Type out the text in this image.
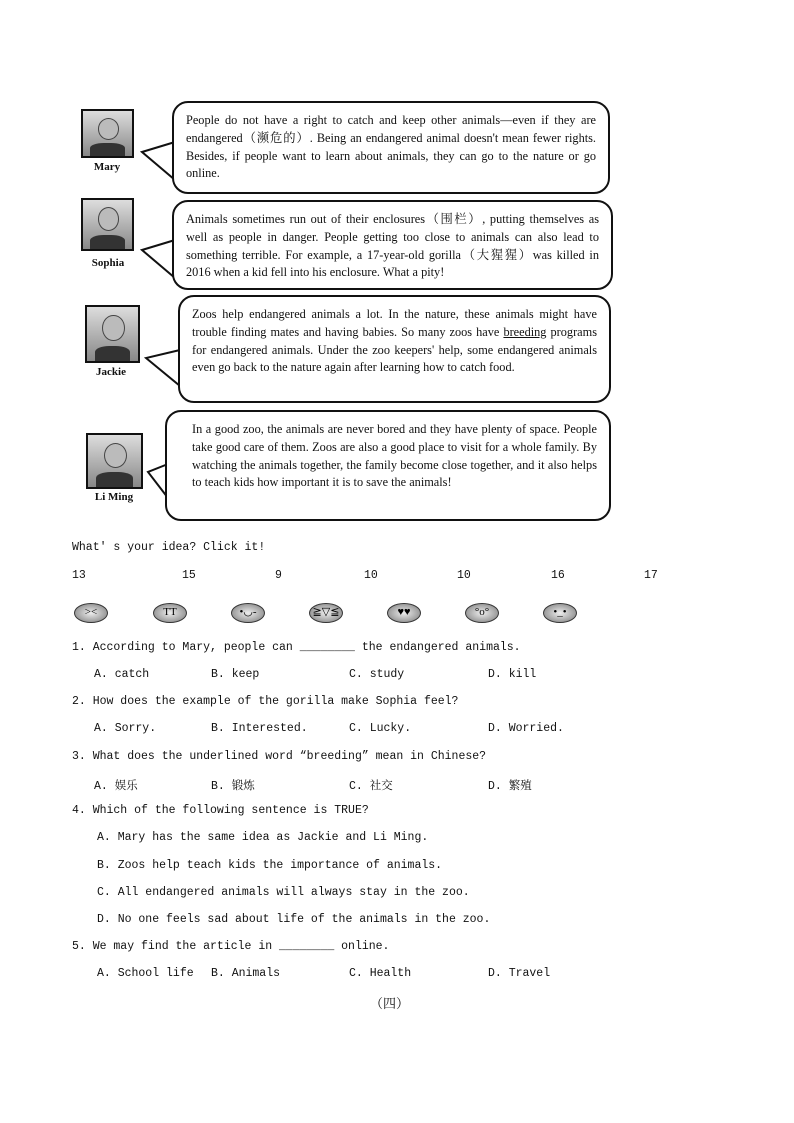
Mary
People do not have a right to catch and keep other animals—even if they are endangered（濒危的）. Being an endangered animal doesn't mean fewer rights. Besides, if people want to learn about animals, they can go to the nature or go online.
Sophia
Animals sometimes run out of their enclosures（围栏）, putting themselves as well as people in danger. People getting too close to animals can also lead to something terrible. For example, a 17-year-old gorilla（大猩猩）was killed in 2016 when a kid fell into his enclosure. What a pity!
Jackie
Zoos help endangered animals a lot. In the nature, these animals might have trouble finding mates and having babies. So many zoos have breeding programs for endangered animals. Under the zoo keepers' help, some endangered animals even go back to the nature again after learning how to catch food.
Li Ming
In a good zoo, the animals are never bored and they have plenty of space. People take good care of them. Zoos are also a good place to visit for a whole family. By watching the animals together, the family become close together, and it also helps to teach kids how important it is to save the animals!
What' s your idea? Click it!
13	15	9	10	10	16	17
><	TT	•◡-	≧▽≦	♥♥	°o°	•_•
1. According to Mary, people can ________ the endangered animals.
A. catch	B. keep	C. study	D. kill
2. How does the example of the gorilla make Sophia feel?
A. Sorry.	B. Interested.	C. Lucky.	D. Worried.
3. What does the underlined word “breeding” mean in Chinese?
A. 娱乐	B. 锻炼	C. 社交	D. 繁殖
4. Which of the following sentence is TRUE?
A. Mary has the same idea as Jackie and Li Ming.
B. Zoos help teach kids the importance of animals.
C. All endangered animals will always stay in the zoo.
D. No one feels sad about life of the animals in the zoo.
5. We may find the article in ________ online.
A. School life B. Animals	C. Health	D. Travel
（四）
